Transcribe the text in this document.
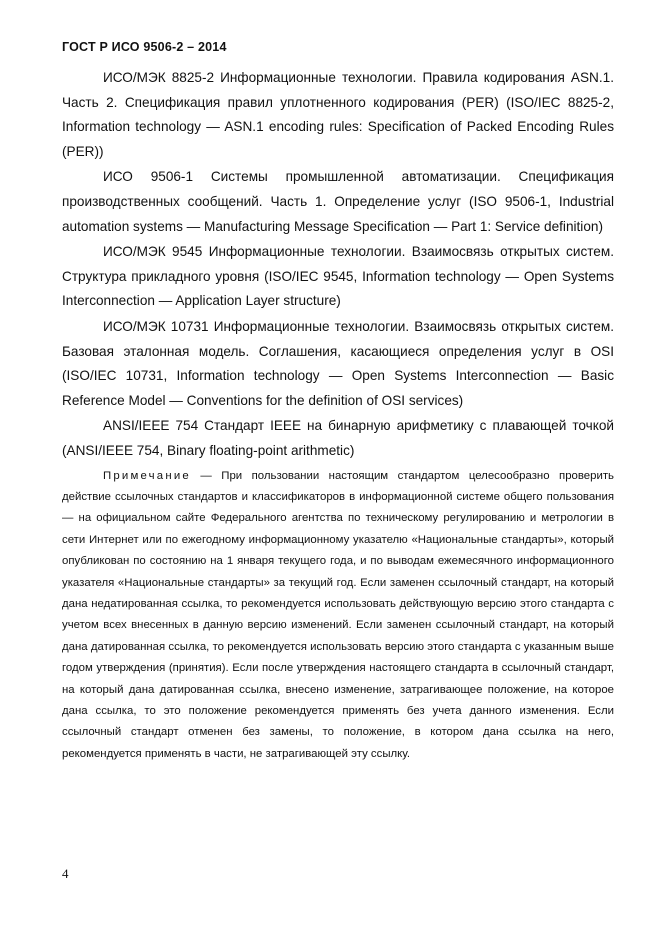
ГОСТ Р ИСО 9506-2 – 2014

ИСО/МЭК 8825-2 Информационные технологии. Правила кодирования ASN.1. Часть 2. Спецификация правил уплотненного кодирования (PER) (ISO/IEC 8825-2, Information technology — ASN.1 encoding rules: Specification of Packed Encoding Rules (PER))

ИСО 9506-1 Системы промышленной автоматизации. Спецификация производственных сообщений. Часть 1. Определение услуг (ISO 9506-1, Industrial automation systems — Manufacturing Message Specification — Part 1: Service definition)

ИСО/МЭК 9545 Информационные технологии. Взаимосвязь открытых систем. Структура прикладного уровня (ISO/IEC 9545, Information technology — Open Systems Interconnection — Application Layer structure)

ИСО/МЭК 10731 Информационные технологии. Взаимосвязь открытых систем. Базовая эталонная модель. Соглашения, касающиеся определения услуг в OSI (ISO/IEC 10731, Information technology — Open Systems Interconnection — Basic Reference Model — Conventions for the definition of OSI services)

ANSI/IEEE 754 Стандарт IEEE на бинарную арифметику с плавающей точкой (ANSI/IEEE 754, Binary floating-point arithmetic)

Примечание — При пользовании настоящим стандартом целесообразно проверить действие ссылочных стандартов и классификаторов в информационной системе общего пользования — на официальном сайте Федерального агентства по техническому регулированию и метрологии в сети Интернет или по ежегодному информационному указателю «Национальные стандарты», который опубликован по состоянию на 1 января текущего года, и по выводам ежемесячного информационного указателя «Национальные стандарты» за текущий год. Если заменен ссылочный стандарт, на который дана недатированная ссылка, то рекомендуется использовать действующую версию этого стандарта с учетом всех внесенных в данную версию изменений. Если заменен ссылочный стандарт, на который дана датированная ссылка, то рекомендуется использовать версию этого стандарта с указанным выше годом утверждения (принятия). Если после утверждения настоящего стандарта в ссылочный стандарт, на который дана датированная ссылка, внесено изменение, затрагивающее положение, на которое дана ссылка, то это положение рекомендуется применять без учета данного изменения. Если ссылочный стандарт отменен без замены, то положение, в котором дана ссылка на него, рекомендуется применять в части, не затрагивающей эту ссылку.

4
